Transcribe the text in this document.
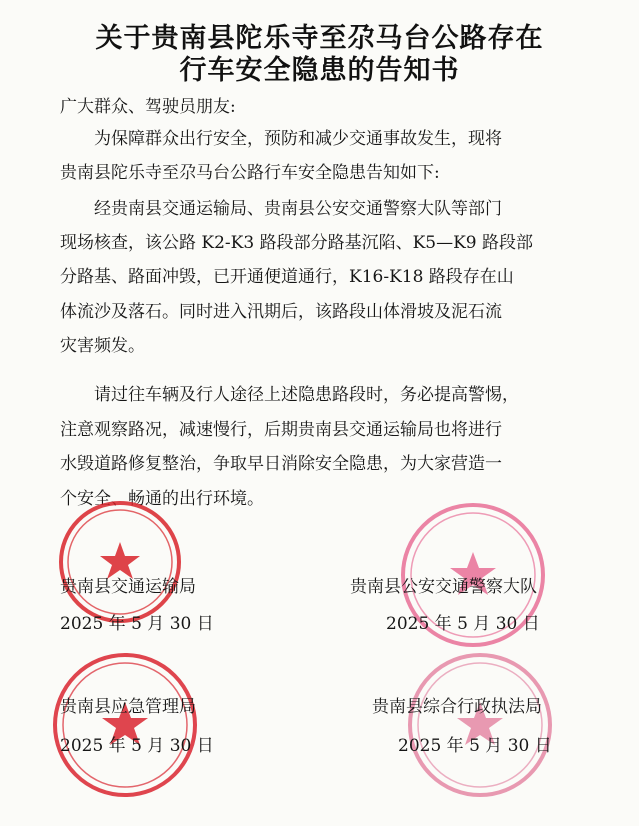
关于贵南县陀乐寺至尕马台公路存在
行车安全隐患的告知书
广大群众、驾驶员朋友:
为保障群众出行安全，预防和减少交通事故发生，现将
贵南县陀乐寺至尕马台公路行车安全隐患告知如下:
经贵南县交通运输局、贵南县公安交通警察大队等部门
现场核查，该公路 K2-K3 路段部分路基沉陷、K5—K9 路段部
分路基、路面冲毁，已开通便道通行，K16-K18 路段存在山
体流沙及落石。同时进入汛期后，该路段山体滑坡及泥石流
灾害频发。
请过往车辆及行人途径上述隐患路段时，务必提高警惕，
注意观察路况，减速慢行，后期贵南县交通运输局也将进行
水毁道路修复整治，争取早日消除安全隐患，为大家营造一
个安全、畅通的出行环境。
贵南县交通运输局
2025 年 5 月 30 日
贵南县公安交通警察大队
2025 年 5 月 30 日
贵南县应急管理局
2025 年 5 月 30 日
贵南县综合行政执法局
2025 年 5 月 30 日
